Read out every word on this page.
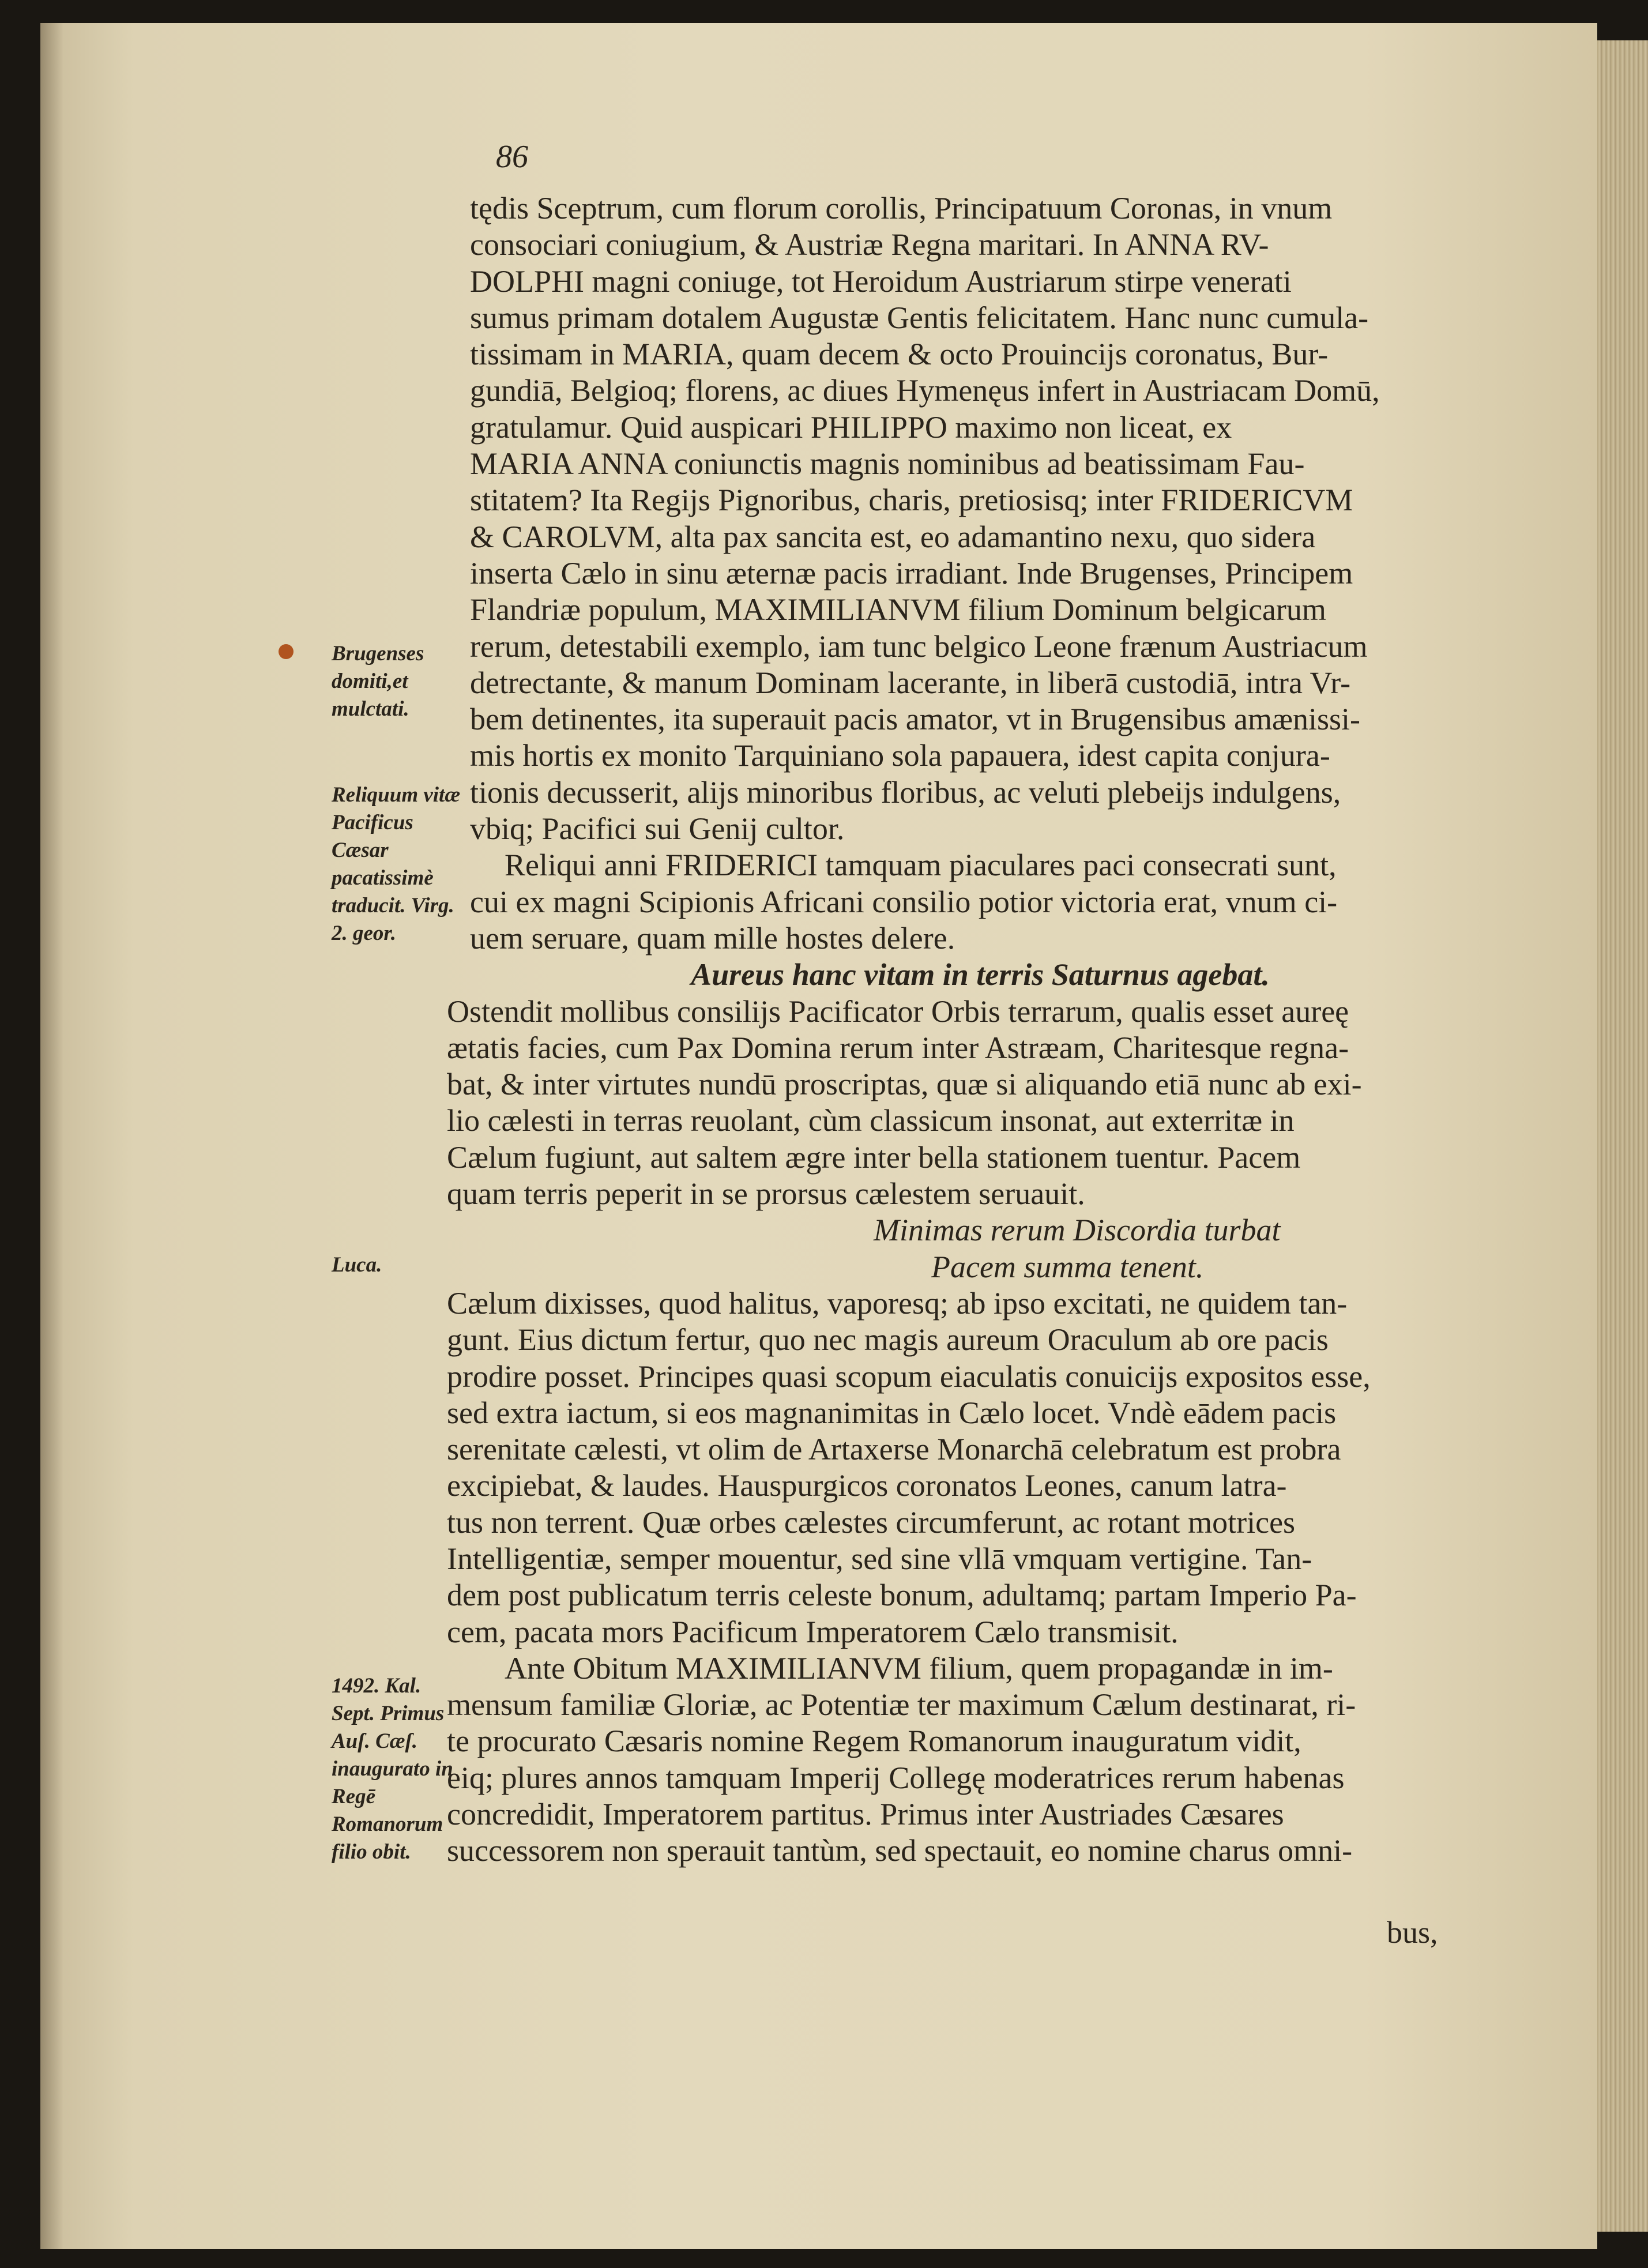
86
Brugenses domiti,et mulctati.
Reliquum vitæ Pacificus Cæsar pacatissimè traducit. Virg. 2. geor.
Luca.
1492. Kal. Sept. Primus Auſ. Cæſ. inaugurato in Regē Romanorum filio obit.
tędis Sceptrum, cum florum corollis, Principatuum Coronas, in vnum
consociari coniugium, & Austriæ Regna maritari. In ANNA RV-
DOLPHI magni coniuge, tot Heroidum Austriarum stirpe venerati
sumus primam dotalem Augustæ Gentis felicitatem. Hanc nunc cumula-
tissimam in MARIA, quam decem & octo Prouincijs coronatus, Bur-
gundiā, Belgioq; florens, ac diues Hymenęus infert in Austriacam Domū,
gratulamur. Quid auspicari PHILIPPO maximo non liceat, ex
MARIA ANNA coniunctis magnis nominibus ad beatissimam Fau-
stitatem? Ita Regijs Pignoribus, charis, pretiosisq; inter FRIDERICVM
& CAROLVM, alta pax sancita est, eo adamantino nexu, quo sidera
inserta Cælo in sinu æternæ pacis irradiant. Inde Brugenses, Principem
Flandriæ populum, MAXIMILIANVM filium Dominum belgicarum
rerum, detestabili exemplo, iam tunc belgico Leone frænum Austriacum
detrectante, & manum Dominam lacerante, in liberā custodiā, intra Vr-
bem detinentes, ita superauit pacis amator, vt in Brugensibus amænissi-
mis hortis ex monito Tarquiniano sola papauera, idest capita conjura-
tionis decusserit, alijs minoribus floribus, ac veluti plebeijs indulgens,
vbiq; Pacifici sui Genij cultor.
Reliqui anni FRIDERICI tamquam piaculares paci consecrati sunt,
cui ex magni Scipionis Africani consilio potior victoria erat, vnum ci-
uem seruare, quam mille hostes delere.
Aureus hanc vitam in terris Saturnus agebat.
Ostendit mollibus consilijs Pacificator Orbis terrarum, qualis esset aureę
ætatis facies, cum Pax Domina rerum inter Astræam, Charitesque regna-
bat, & inter virtutes nundū proscriptas, quæ si aliquando etiā nunc ab exi-
lio cælesti in terras reuolant, cùm classicum insonat, aut exterritæ in
Cælum fugiunt, aut saltem ægre inter bella stationem tuentur. Pacem
quam terris peperit in se prorsus cælestem seruauit.
Minimas rerum Discordia turbat
Pacem summa tenent.
Cælum dixisses, quod halitus, vaporesq; ab ipso excitati, ne quidem tan-
gunt. Eius dictum fertur, quo nec magis aureum Oraculum ab ore pacis
prodire posset. Principes quasi scopum eiaculatis conuicijs expositos esse,
sed extra iactum, si eos magnanimitas in Cælo locet. Vndè eādem pacis
serenitate cælesti, vt olim de Artaxerse Monarchā celebratum est probra
excipiebat, & laudes. Hauspurgicos coronatos Leones, canum latra-
tus non terrent. Quæ orbes cælestes circumferunt, ac rotant motrices
Intelligentiæ, semper mouentur, sed sine vllā vmquam vertigine. Tan-
dem post publicatum terris celeste bonum, adultamq; partam Imperio Pa-
cem, pacata mors Pacificum Imperatorem Cælo transmisit.
Ante Obitum MAXIMILIANVM filium, quem propagandæ in im-
mensum familiæ Gloriæ, ac Potentiæ ter maximum Cælum destinarat, ri-
te procurato Cæsaris nomine Regem Romanorum inauguratum vidit,
eiq; plures annos tamquam Imperij Collegę moderatrices rerum habenas
concredidit, Imperatorem partitus. Primus inter Austriades Cæsares
successorem non sperauit tantùm, sed spectauit, eo nomine charus omni-
bus,
